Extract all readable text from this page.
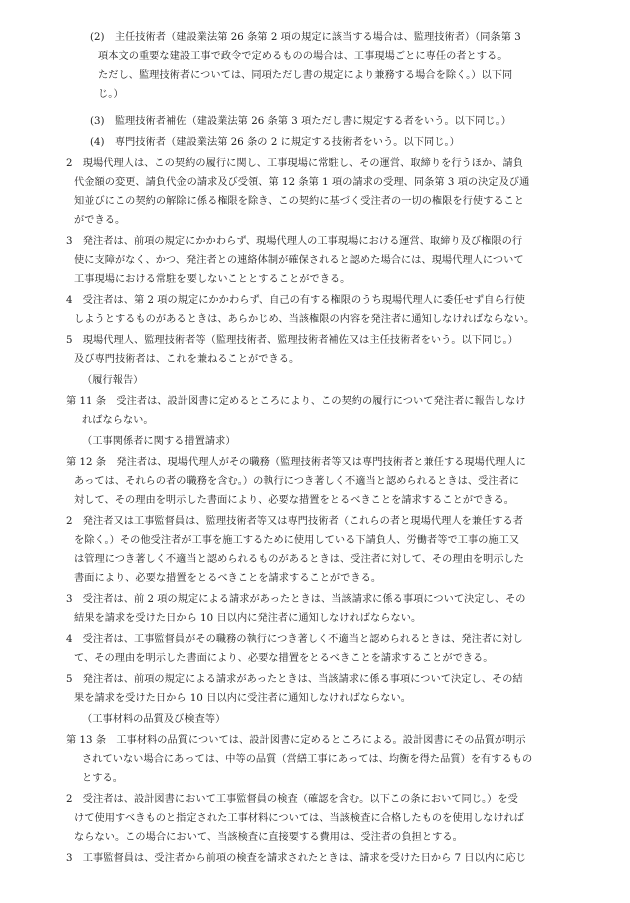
(2)　主任技術者（建設業法第 26 条第 2 項の規定に該当する場合は、監理技術者）（同条第 3
項本文の重要な建設工事で政令で定めるものの場合は、工事現場ごとに専任の者とする。
ただし、監理技術者については、同項ただし書の規定により兼務する場合を除く。）以下同
じ。）
(3)　監理技術者補佐（建設業法第 26 条第 3 項ただし書に規定する者をいう。以下同じ。）
(4)　専門技術者（建設業法第 26 条の 2 に規定する技術者をいう。以下同じ。）
2　現場代理人は、この契約の履行に関し、工事現場に常駐し、その運営、取締りを行うほか、請負
代金額の変更、請負代金の請求及び受領、第 12 条第 1 項の請求の受理、同条第 3 項の決定及び通
知並びにこの契約の解除に係る権限を除き、この契約に基づく受注者の一切の権限を行使すること
ができる。
3　発注者は、前項の規定にかかわらず、現場代理人の工事現場における運営、取締り及び権限の行
使に支障がなく、かつ、発注者との連絡体制が確保されると認めた場合には、現場代理人について
工事現場における常駐を要しないこととすることができる。
4　受注者は、第 2 項の規定にかかわらず、自己の有する権限のうち現場代理人に委任せず自ら行使
しようとするものがあるときは、あらかじめ、当該権限の内容を発注者に通知しなければならない。
5　現場代理人、監理技術者等（監理技術者、監理技術者補佐又は主任技術者をいう。以下同じ。）
及び専門技術者は、これを兼ねることができる。
（履行報告）
第 11 条　受注者は、設計図書に定めるところにより、この契約の履行について発注者に報告しなけ
ればならない。
（工事関係者に関する措置請求）
第 12 条　発注者は、現場代理人がその職務（監理技術者等又は専門技術者と兼任する現場代理人に
あっては、それらの者の職務を含む。）の執行につき著しく不適当と認められるときは、受注者に
対して、その理由を明示した書面により、必要な措置をとるべきことを請求することができる。
2　発注者又は工事監督員は、監理技術者等又は専門技術者（これらの者と現場代理人を兼任する者
を除く。）その他受注者が工事を施工するために使用している下請負人、労働者等で工事の施工又
は管理につき著しく不適当と認められるものがあるときは、受注者に対して、その理由を明示した
書面により、必要な措置をとるべきことを請求することができる。
3　受注者は、前 2 項の規定による請求があったときは、当該請求に係る事項について決定し、その
結果を請求を受けた日から 10 日以内に発注者に通知しなければならない。
4　受注者は、工事監督員がその職務の執行につき著しく不適当と認められるときは、発注者に対し
て、その理由を明示した書面により、必要な措置をとるべきことを請求することができる。
5　発注者は、前項の規定による請求があったときは、当該請求に係る事項について決定し、その結
果を請求を受けた日から 10 日以内に受注者に通知しなければならない。
（工事材料の品質及び検査等）
第 13 条　工事材料の品質については、設計図書に定めるところによる。設計図書にその品質が明示
されていない場合にあっては、中等の品質（営繕工事にあっては、均衡を得た品質）を有するもの
とする。
2　受注者は、設計図書において工事監督員の検査（確認を含む。以下この条において同じ。）を受
けて使用すべきものと指定された工事材料については、当該検査に合格したものを使用しなければ
ならない。この場合において、当該検査に直接要する費用は、受注者の負担とする。
3　工事監督員は、受注者から前項の検査を請求されたときは、請求を受けた日から 7 日以内に応じ
